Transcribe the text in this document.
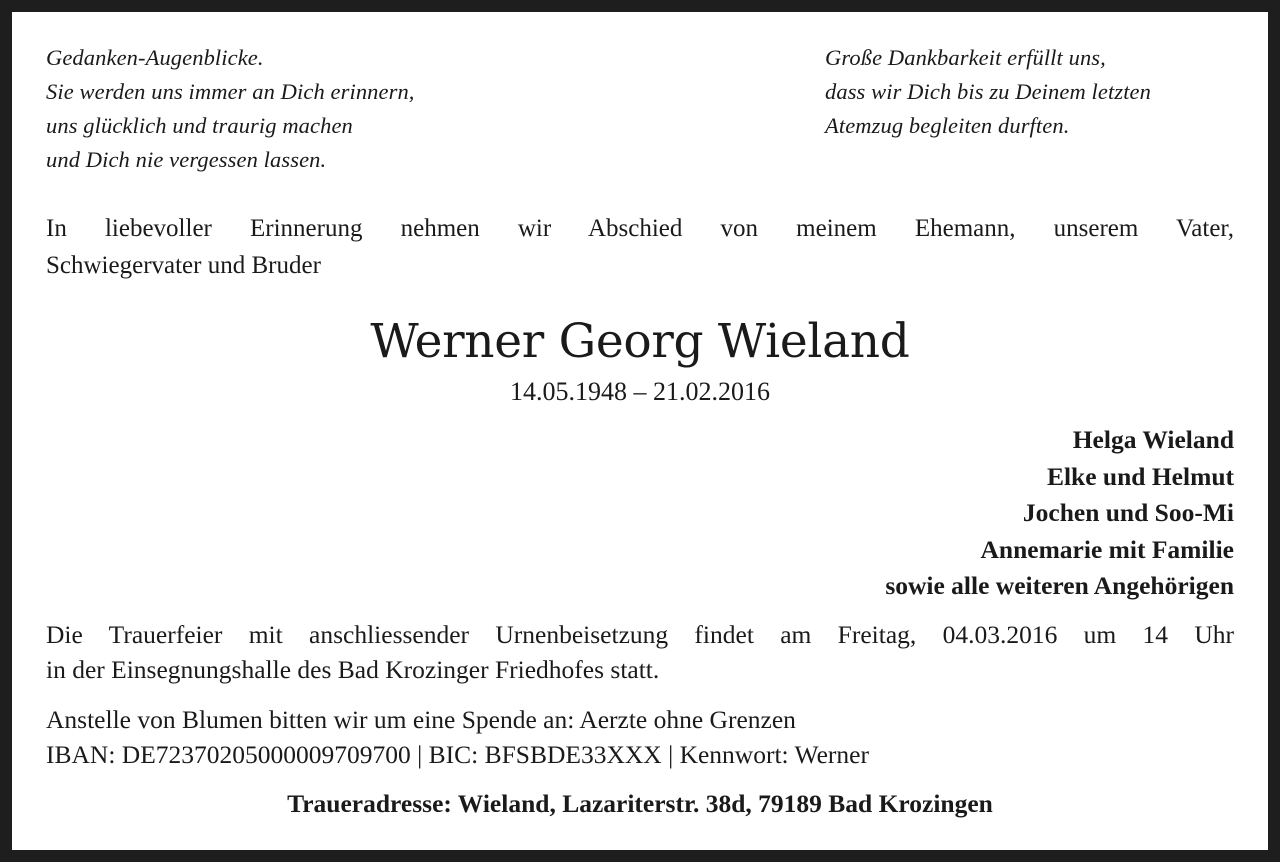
Gedanken-Augenblicke.
Sie werden uns immer an Dich erinnern,
uns glücklich und traurig machen
und Dich nie vergessen lassen.
Große Dankbarkeit erfüllt uns,
dass wir Dich bis zu Deinem letzten
Atemzug begleiten durften.
In liebevoller Erinnerung nehmen wir Abschied von meinem Ehemann, unserem Vater,
Schwiegervater und Bruder
Werner Georg Wieland
14.05.1948 – 21.02.2016
Helga Wieland
Elke und Helmut
Jochen und Soo-Mi
Annemarie mit Familie
sowie alle weiteren Angehörigen
Die Trauerfeier mit anschliessender Urnenbeisetzung findet am Freitag, 04.03.2016 um 14 Uhr
in der Einsegnungshalle des Bad Krozinger Friedhofes statt.
Anstelle von Blumen bitten wir um eine Spende an: Aerzte ohne Grenzen
IBAN: DE72370205000009709700 | BIC: BFSBDE33XXX | Kennwort: Werner
Traueradresse: Wieland, Lazariterstr. 38d, 79189 Bad Krozingen
